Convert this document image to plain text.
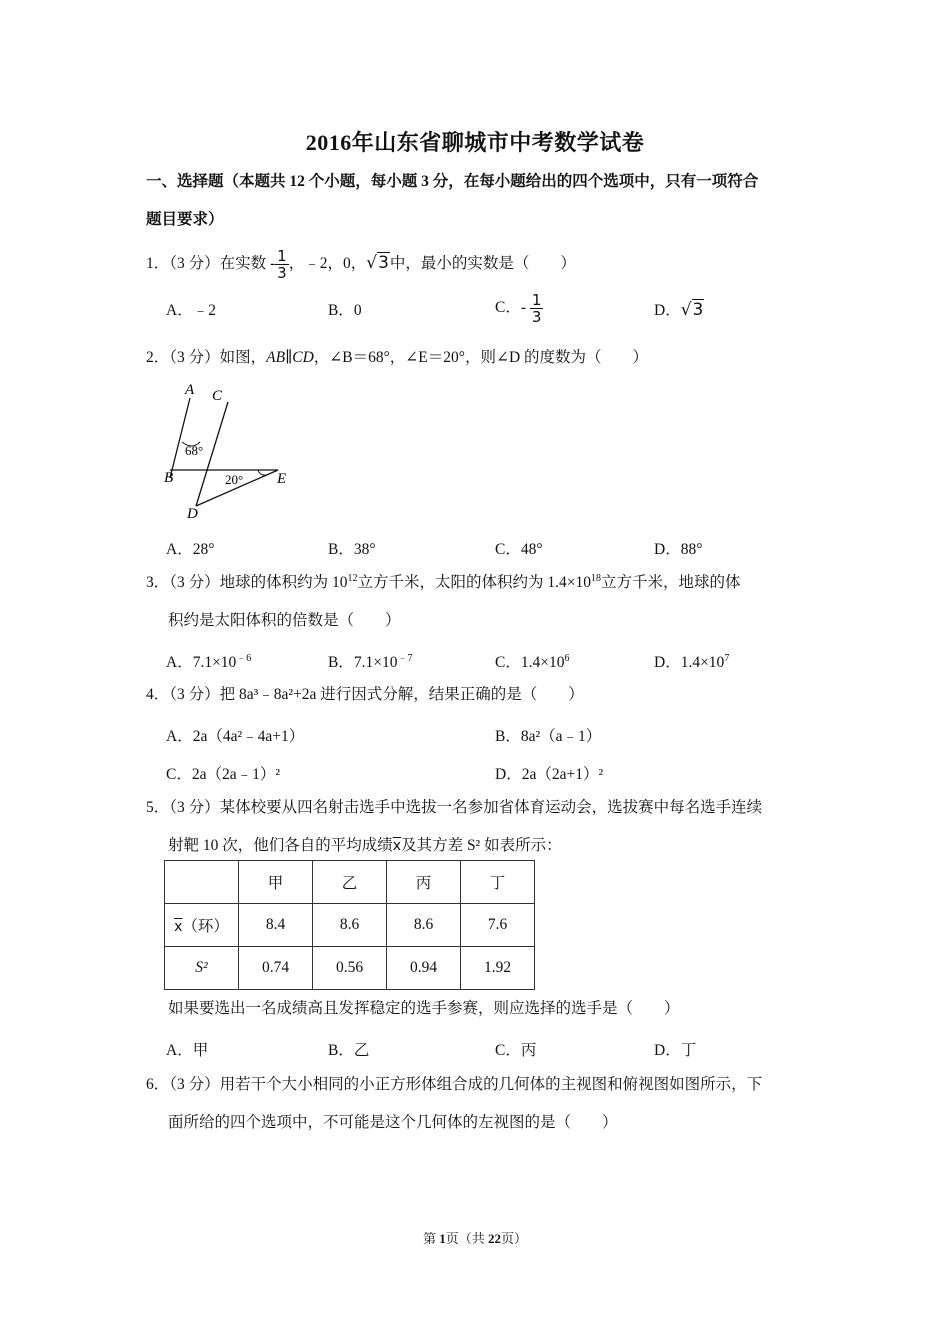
2016年山东省聊城市中考数学试卷
一、选择题（本题共 12 个小题，每小题 3 分，在每小题给出的四个选项中，只有一项符合
题目要求）
1．（3 分）在实数 - $\frac{1}{3}$ ，﹣2，0，√3中，最小的实数是（　　）
A．﹣2	B．0	C．- $\frac{1}{3}$	D．√3
2．（3 分）如图，AB∥CD，∠B＝68°，∠E＝20°，则∠D 的度数为（　　）
A C
B	E
D
68°
20°
A．28°	B．38°	C．48°	D．88°
3．（3 分）地球的体积约为 $10^{12}$立方千米，太阳的体积约为 $1.4\times 10^{18}$立方千米，地球的体
积约是太阳体积的倍数是（　　）
A．$7.1\times 10^{﹣6}$	B．$7.1\times 10^{﹣7}$	C．$1.4\times 10^6$	D．$1.4\times 10^7$
4．（3 分）把 8a³﹣8a²+2a 进行因式分解，结果正确的是（　　）
A．2a（4a²﹣4a+1）	B．8a²（a﹣1）
C．2a（2a﹣1）²	D．2a（2a+1）²
5．（3 分）某体校要从四名射击选手中选拔一名参加省体育运动会，选拔赛中每名选手连续
射靶 10 次，他们各自的平均成绩$\overline{x}$及其方差 S² 如表所示：
	甲	乙	丙	丁
$\overline{x}$（环）	8.4	8.6	8.6	7.6
S²	0.74	0.56	0.94	1.92
如果要选出一名成绩高且发挥稳定的选手参赛，则应选择的选手是（　　）
A．甲	B．乙	C．丙	D．丁
6．（3 分）用若干个大小相同的小正方形体组合成的几何体的主视图和俯视图如图所示，下
面所给的四个选项中，不可能是这个几何体的左视图的是（　　）
第 1页（共 22页）
